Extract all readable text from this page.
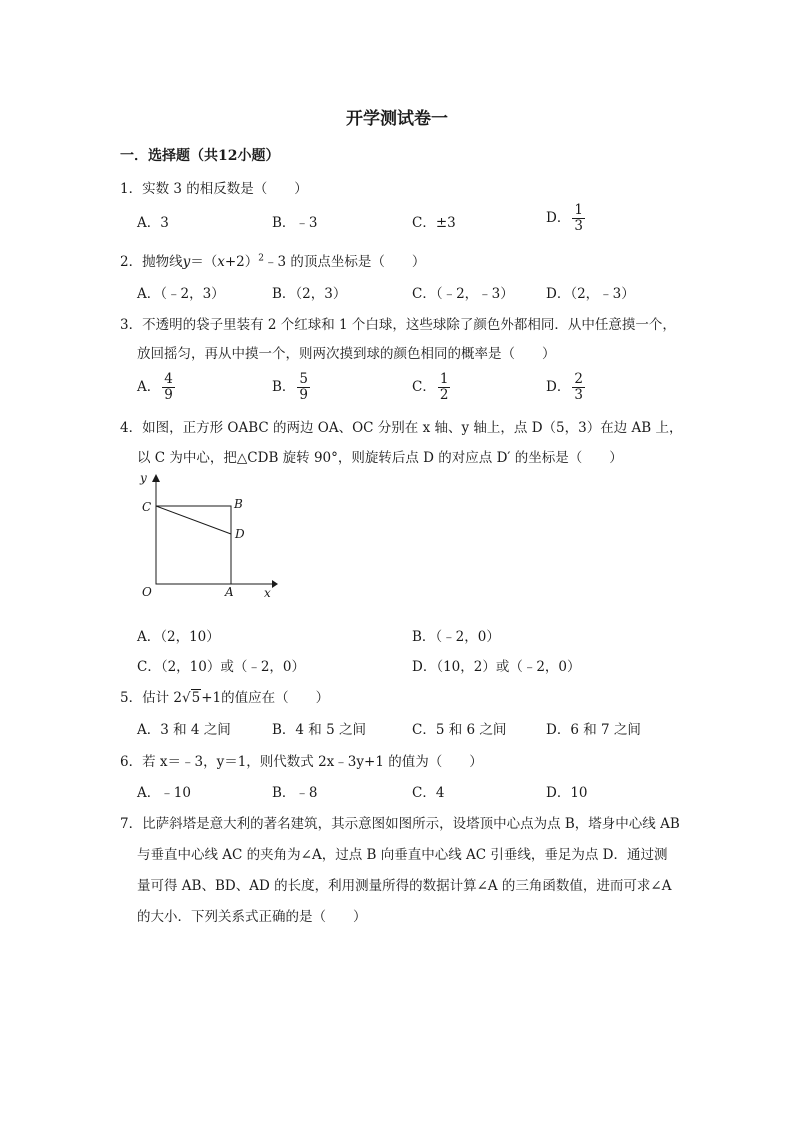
开学测试卷一
一．选择题（共12小题）
1．实数 3 的相反数是（　　）
A．3	B．﹣3	C．±3	D． $\frac{1}{3}$
2．抛物线$y=(x+2)^2﹣3$ 的顶点坐标是（　　）
A．（﹣2，3）	B．（2，3）	C．（﹣2，﹣3） D．（2，﹣3）
3．不透明的袋子里装有 2 个红球和 1 个白球，这些球除了颜色外都相同．从中任意摸一个，
放回摇匀，再从中摸一个，则两次摸到球的颜色相同的概率是（　　）
A． $\frac{4}{9}$	B． $\frac{5}{9}$	C． $\frac{1}{2}$	D． $\frac{2}{3}$
4．如图，正方形 OABC 的两边 OA、OC 分别在 x 轴、y 轴上，点 D（5，3）在边 AB 上，
以 C 为中心，把△CDB 旋转 90°，则旋转后点 D 的对应点 D′ 的坐标是（　　）
y
C	B
D
O	A	x
A．（2，10）	B．（﹣2，0）
C．（2，10）或（﹣2，0）	D．（10，2）或（﹣2，0）
5．估计 2√5+1的值应在（　　）
A．3 和 4 之间	B．4 和 5 之间	C．5 和 6 之间	D．6 和 7 之间
6．若 x＝﹣3，y＝1，则代数式 2x﹣3y+1 的值为（　　）
A．﹣10	B．﹣8	C．4	D．10
7．比萨斜塔是意大利的著名建筑，其示意图如图所示，设塔顶中心点为点 B，塔身中心线 AB
与垂直中心线 AC 的夹角为∠A，过点 B 向垂直中心线 AC 引垂线，垂足为点 D．通过测
量可得 AB、BD、AD 的长度，利用测量所得的数据计算∠A 的三角函数值，进而可求∠A
的大小．下列关系式正确的是（　　）
